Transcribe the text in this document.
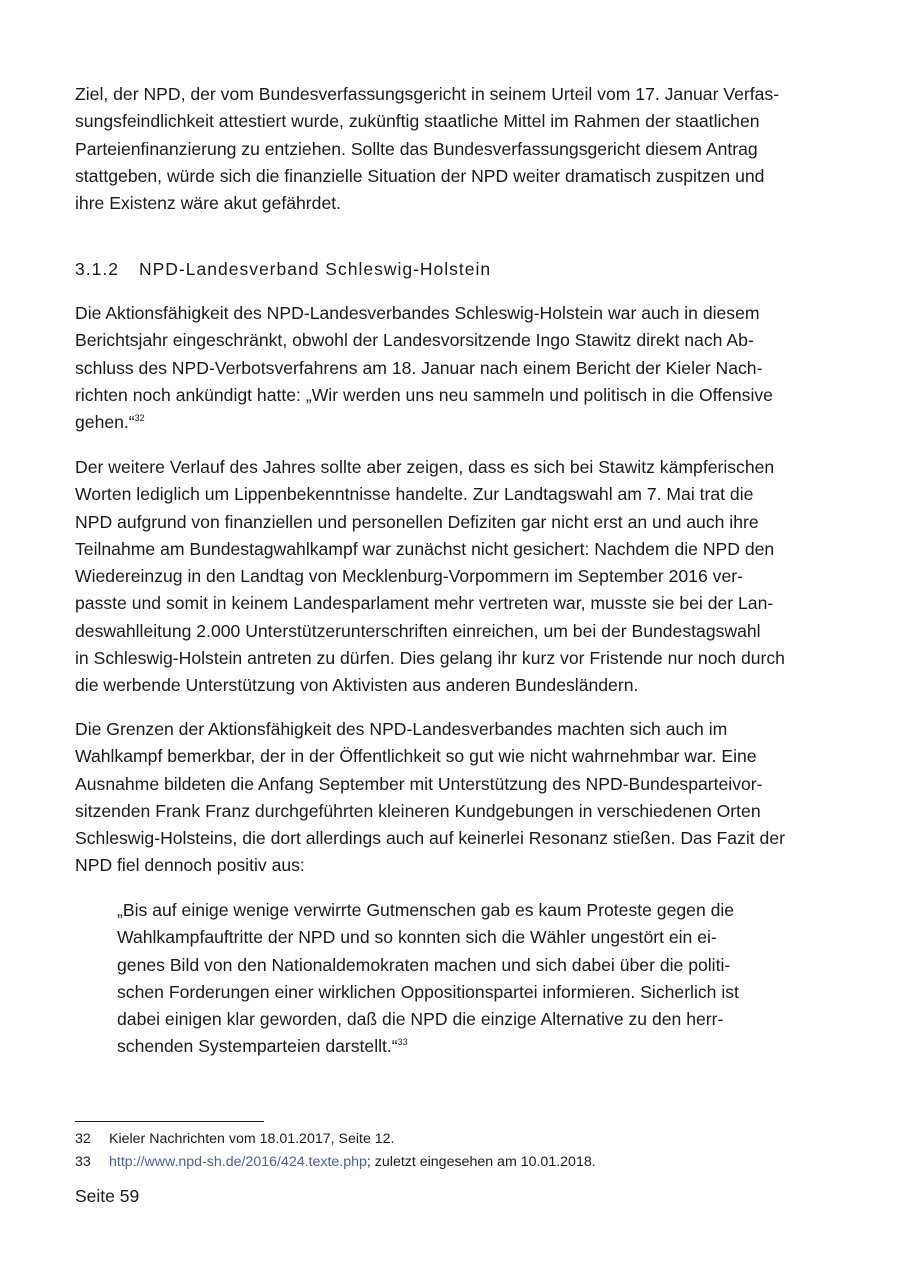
Ziel, der NPD, der vom Bundesverfassungsgericht in seinem Urteil vom 17. Januar Verfas-
sungsfeindlichkeit attestiert wurde, zukünftig staatliche Mittel im Rahmen der staatlichen
Parteienfinanzierung zu entziehen. Sollte das Bundesverfassungsgericht diesem Antrag
stattgeben, würde sich die finanzielle Situation der NPD weiter dramatisch zuspitzen und
ihre Existenz wäre akut gefährdet.

3.1.2 NPD-Landesverband Schleswig-Holstein

Die Aktionsfähigkeit des NPD-Landesverbandes Schleswig-Holstein war auch in diesem
Berichtsjahr eingeschränkt, obwohl der Landesvorsitzende Ingo Stawitz direkt nach Ab-
schluss des NPD-Verbotsverfahrens am 18. Januar nach einem Bericht der Kieler Nach-
richten noch ankündigt hatte: „Wir werden uns neu sammeln und politisch in die Offensive
gehen.“$^{32}$

Der weitere Verlauf des Jahres sollte aber zeigen, dass es sich bei Stawitz kämpferischen
Worten lediglich um Lippenbekenntnisse handelte. Zur Landtagswahl am 7. Mai trat die
NPD aufgrund von finanziellen und personellen Defiziten gar nicht erst an und auch ihre
Teilnahme am Bundestagwahlkampf war zunächst nicht gesichert: Nachdem die NPD den
Wiedereinzug in den Landtag von Mecklenburg-Vorpommern im September 2016 ver-
passte und somit in keinem Landesparlament mehr vertreten war, musste sie bei der Lan-
deswahlleitung 2.000 Unterstützerunterschriften einreichen, um bei der Bundestagswahl
in Schleswig-Holstein antreten zu dürfen. Dies gelang ihr kurz vor Fristende nur noch durch
die werbende Unterstützung von Aktivisten aus anderen Bundesländern.

Die Grenzen der Aktionsfähigkeit des NPD-Landesverbandes machten sich auch im
Wahlkampf bemerkbar, der in der Öffentlichkeit so gut wie nicht wahrnehmbar war. Eine
Ausnahme bildeten die Anfang September mit Unterstützung des NPD-Bundesparteivor-
sitzenden Frank Franz durchgeführten kleineren Kundgebungen in verschiedenen Orten
Schleswig-Holsteins, die dort allerdings auch auf keinerlei Resonanz stießen. Das Fazit der
NPD fiel dennoch positiv aus:

„Bis auf einige wenige verwirrte Gutmenschen gab es kaum Proteste gegen die
Wahlkampfauftritte der NPD und so konnten sich die Wähler ungestört ein ei-
genes Bild von den Nationaldemokraten machen und sich dabei über die politi-
schen Forderungen einer wirklichen Oppositionspartei informieren. Sicherlich ist
dabei einigen klar geworden, daß die NPD die einzige Alternative zu den herr-
schenden Systemparteien darstellt.“$^{33}$
32 Kieler Nachrichten vom 18.01.2017, Seite 12.
33 http://www.npd-sh.de/2016/424.texte.php; zuletzt eingesehen am 10.01.2018.
Seite 59
